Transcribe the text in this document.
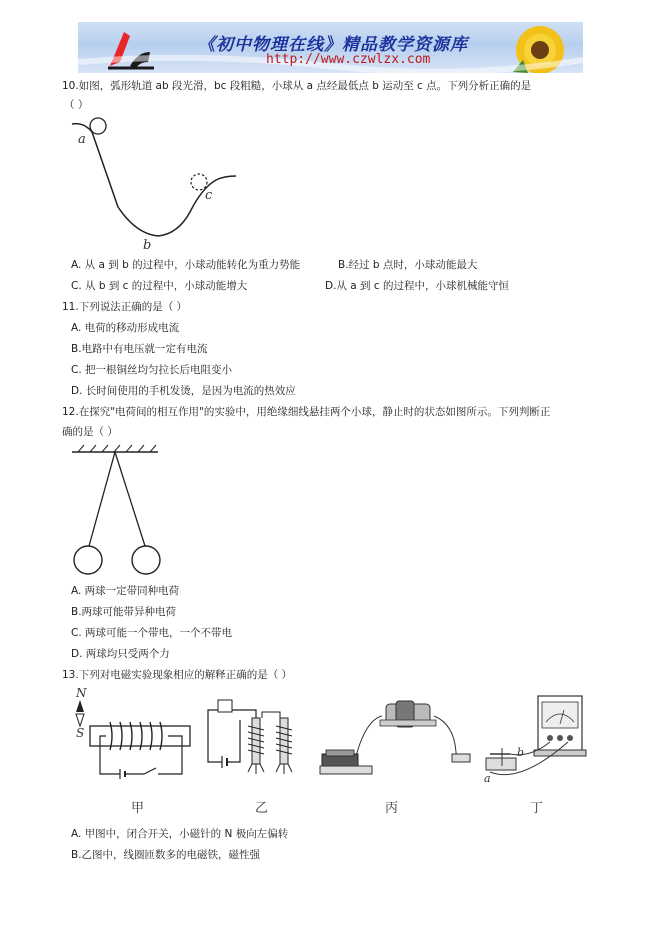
《初中物理在线》精品教学资源库
http://www.czwlzx.com
10.如图，弧形轨道 ab 段光滑，bc 段粗糙，小球从 a 点经最低点 b 运动至 c 点。下列分析正确的是
（ ）
a
b
c
A. 从 a 到 b 的过程中，小球动能转化为重力势能	B.经过 b 点时，小球动能最大
C. 从 b 到 c 的过程中，小球动能增大	D.从 a 到 c 的过程中，小球机械能守恒
11.下列说法正确的是（ ）
A. 电荷的移动形成电流
B.电路中有电压就一定有电流
C. 把一根铜丝均匀拉长后电阻变小
D. 长时间使用的手机发烫，是因为电流的热效应
12.在探究"电荷间的相互作用"的实验中，用绝缘细线悬挂两个小球，静止时的状态如图所示。下列判断正
确的是（ ）
A. 两球一定带同种电荷
B.两球可能带异种电荷
C. 两球可能一个带电，一个不带电
D. 两球均只受两个力
13.下列对电磁实验现象相应的解释正确的是（ ）
N
S
甲	乙	丙
b
a
丁
A. 甲图中，闭合开关，小磁针的 N 极向左偏转
B.乙图中，线圈匝数多的电磁铁，磁性强
